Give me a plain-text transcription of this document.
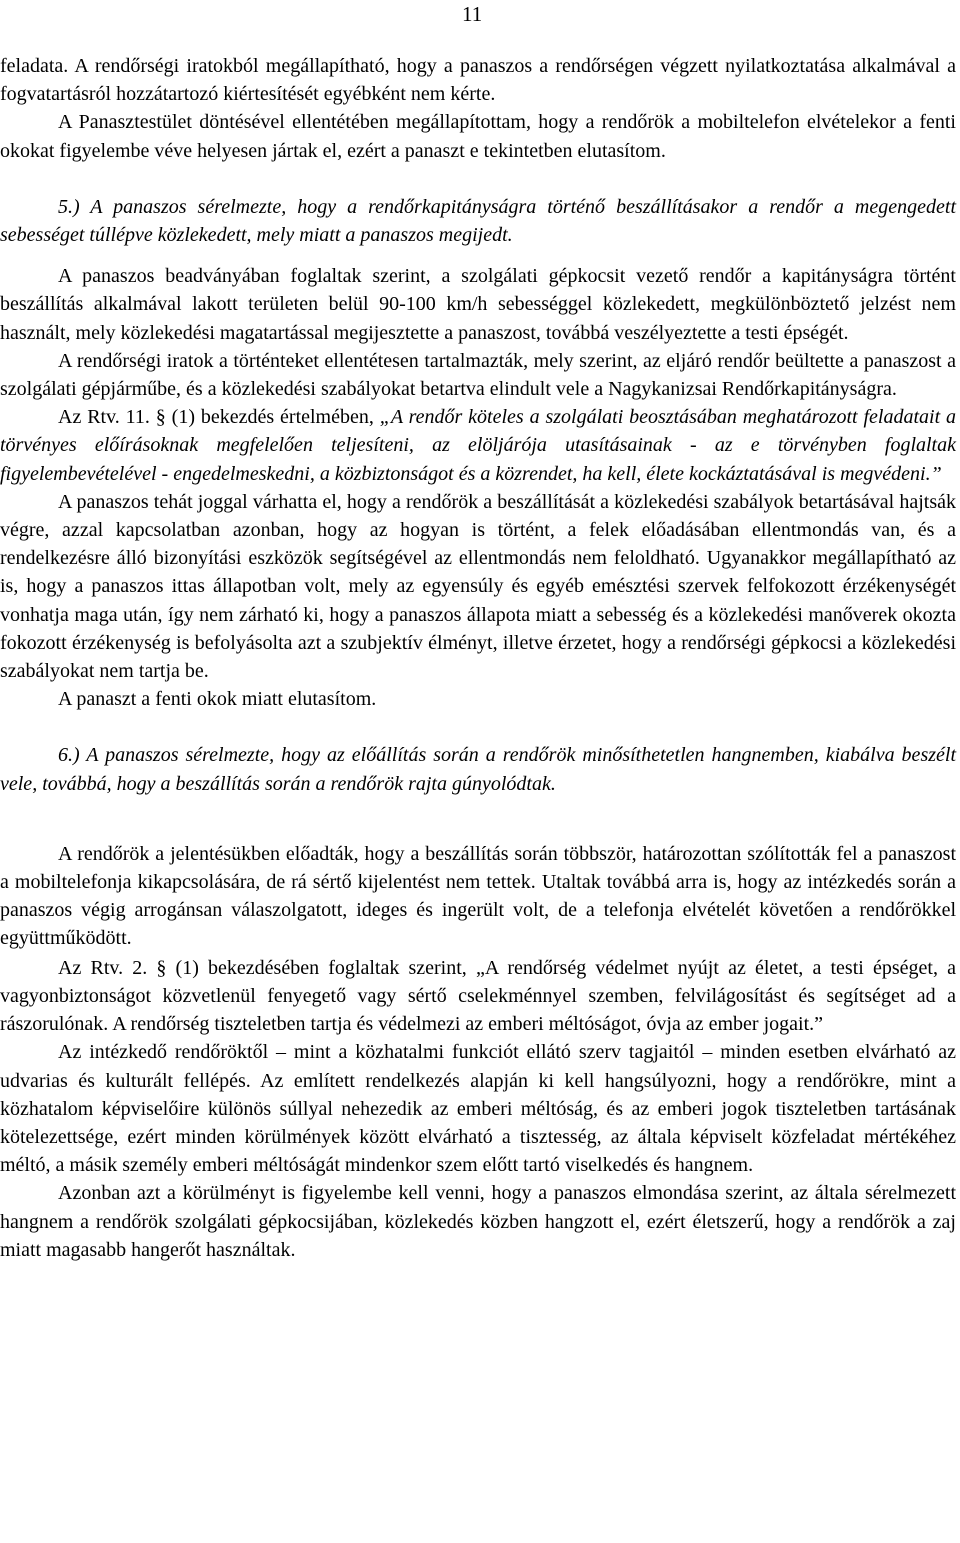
11

feladata. A rendőrségi iratokból megállapítható, hogy a panaszos a rendőrségen végzett nyilatkoztatása alkalmával a fogvatartásról hozzátartozó kiértesítését egyébként nem kérte.

A Panasztestület döntésével ellentétében megállapítottam, hogy a rendőrök a mobiltelefon elvételekor a fenti okokat figyelembe véve helyesen jártak el, ezért a panaszt e tekintetben elutasítom.

5.) A panaszos sérelmezte, hogy a rendőrkapitányságra történő beszállításakor a rendőr a megengedett sebességet túllépve közlekedett, mely miatt a panaszos megijedt.

A panaszos beadványában foglaltak szerint, a szolgálati gépkocsit vezető rendőr a kapitányságra történt beszállítás alkalmával lakott területen belül 90-100 km/h sebességgel közlekedett, megkülönböztető jelzést nem használt, mely közlekedési magatartással megijesztette a panaszost, továbbá veszélyeztette a testi épségét.

A rendőrségi iratok a történteket ellentétesen tartalmazták, mely szerint, az eljáró rendőr beültette a panaszost a szolgálati gépjárműbe, és a közlekedési szabályokat betartva elindult vele a Nagykanizsai Rendőrkapitányságra.

Az Rtv. 11. § (1) bekezdés értelmében, „A rendőr köteles a szolgálati beosztásában meghatározott feladatait a törvényes előírásoknak megfelelően teljesíteni, az elöljárója utasításainak - az e törvényben foglaltak figyelembevételével - engedelmeskedni, a közbiztonságot és a közrendet, ha kell, élete kockáztatásával is megvédeni.”

A panaszos tehát joggal várhatta el, hogy a rendőrök a beszállítását a közlekedési szabályok betartásával hajtsák végre, azzal kapcsolatban azonban, hogy az hogyan is történt, a felek előadásában ellentmondás van, és a rendelkezésre álló bizonyítási eszközök segítségével az ellentmondás nem feloldható. Ugyanakkor megállapítható az is, hogy a panaszos ittas állapotban volt, mely az egyensúly és egyéb emésztési szervek felfokozott érzékenységét vonhatja maga után, így nem zárható ki, hogy a panaszos állapota miatt a sebesség és a közlekedési manőverek okozta fokozott érzékenység is befolyásolta azt a szubjektív élményt, illetve érzetet, hogy a rendőrségi gépkocsi a közlekedési szabályokat nem tartja be.

A panaszt a fenti okok miatt elutasítom.

6.) A panaszos sérelmezte, hogy az előállítás során a rendőrök minősíthetetlen hangnemben, kiabálva beszélt vele, továbbá, hogy a beszállítás során a rendőrök rajta gúnyolódtak.

A rendőrök a jelentésükben előadták, hogy a beszállítás során többször, határozottan szólították fel a panaszost a mobiltelefonja kikapcsolására, de rá sértő kijelentést nem tettek. Utaltak továbbá arra is, hogy az intézkedés során a panaszos végig arrogánsan válaszolgatott, ideges és ingerült volt, de a telefonja elvételét követően a rendőrökkel együttműködött.

Az Rtv. 2. § (1) bekezdésében foglaltak szerint, „A rendőrség védelmet nyújt az életet, a testi épséget, a vagyonbiztonságot közvetlenül fenyegető vagy sértő cselekménnyel szemben, felvilágosítást és segítséget ad a rászorulónak. A rendőrség tiszteletben tartja és védelmezi az emberi méltóságot, óvja az ember jogait.”

Az intézkedő rendőröktől – mint a közhatalmi funkciót ellátó szerv tagjaitól – minden esetben elvárható az udvarias és kulturált fellépés. Az említett rendelkezés alapján ki kell hangsúlyozni, hogy a rendőrökre, mint a közhatalom képviselőire különös súllyal nehezedik az emberi méltóság, és az emberi jogok tiszteletben tartásának kötelezettsége, ezért minden körülmények között elvárható a tisztesség, az általa képviselt közfeladat mértékéhez méltó, a másik személy emberi méltóságát mindenkor szem előtt tartó viselkedés és hangnem.

Azonban azt a körülményt is figyelembe kell venni, hogy a panaszos elmondása szerint, az általa sérelmezett hangnem a rendőrök szolgálati gépkocsijában, közlekedés közben hangzott el, ezért életszerű, hogy a rendőrök a zaj miatt magasabb hangerőt használtak.
